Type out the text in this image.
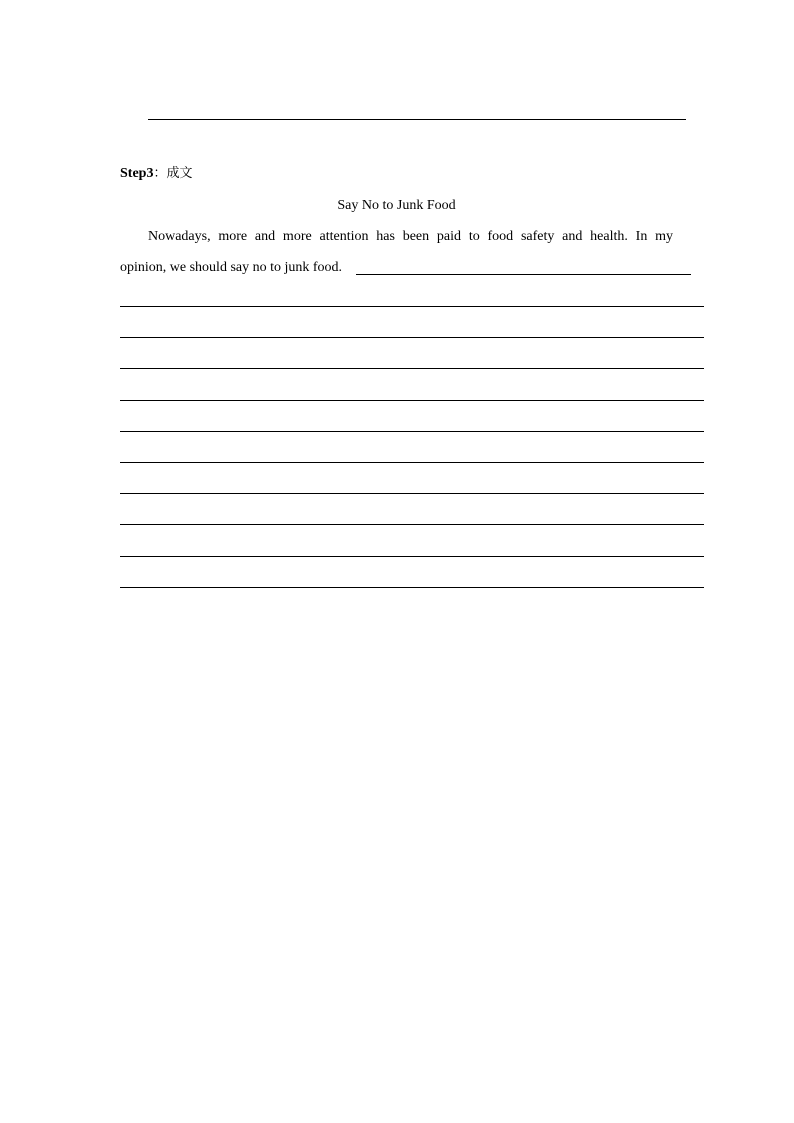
Step3：成文
Say No to Junk Food
Nowadays, more and more attention has been paid to food safety and health. In my
opinion, we should say no to junk food.
